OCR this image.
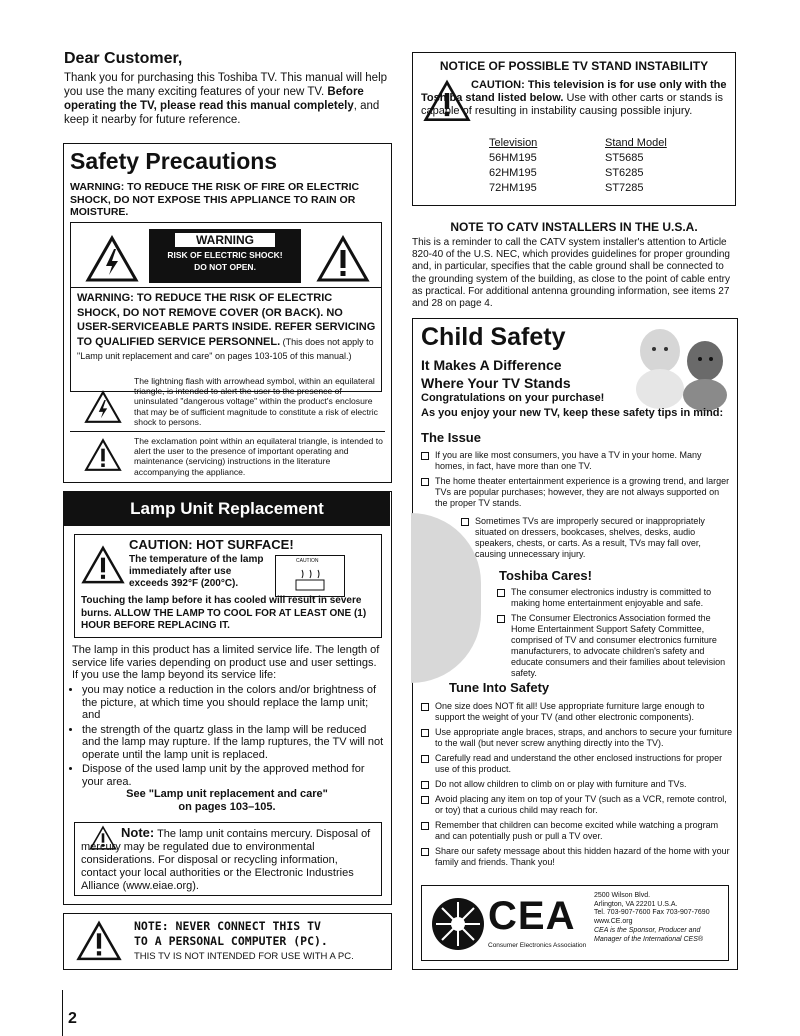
Dear Customer,
Thank you for purchasing this Toshiba TV. This manual will help you use the many exciting features of your new TV. Before operating the TV, please read this manual completely, and keep it nearby for future reference.
Safety Precautions
WARNING: TO REDUCE THE RISK OF FIRE OR ELECTRIC SHOCK, DO NOT EXPOSE THIS APPLIANCE TO RAIN OR MOISTURE.
WARNING
RISK OF ELECTRIC SHOCK!
DO NOT OPEN.
WARNING: TO REDUCE THE RISK OF ELECTRIC SHOCK, DO NOT REMOVE COVER (OR BACK). NO USER-SERVICEABLE PARTS INSIDE. REFER SERVICING TO QUALIFIED SERVICE PERSONNEL. (This does not apply to "Lamp unit replacement and care" on pages 103-105 of this manual.)
The lightning flash with arrowhead symbol, within an equilateral triangle, is intended to alert the user to the presence of uninsulated "dangerous voltage" within the product's enclosure that may be of sufficient magnitude to constitute a risk of electric shock to persons.
The exclamation point within an equilateral triangle, is intended to alert the user to the presence of important operating and maintenance (servicing) instructions in the literature accompanying the appliance.
Lamp Unit Replacement
CAUTION: HOT SURFACE!
The temperature of the lamp immediately after use exceeds 392°F (200°C).
CAUTION
Touching the lamp before it has cooled will result in severe burns. ALLOW THE LAMP TO COOL FOR AT LEAST ONE (1) HOUR BEFORE REPLACING IT.
The lamp in this product has a limited service life. The length of service life varies depending on product use and user settings. If you use the lamp beyond its service life:
• you may notice a reduction in the colors and/or brightness of the picture, at which time you should replace the lamp unit; and
• the strength of the quartz glass in the lamp will be reduced and the lamp may rupture. If the lamp ruptures, the TV will not operate until the lamp unit is replaced.
• Dispose of the used lamp unit by the approved method for your area.
See "Lamp unit replacement and care"
on pages 103–105.
Note: The lamp unit contains mercury. Disposal of mercury may be regulated due to environmental considerations. For disposal or recycling information, contact your local authorities or the Electronic Industries Alliance (www.eiae.org).
NOTE: NEVER CONNECT THIS TV
TO A PERSONAL COMPUTER (PC).
THIS TV IS NOT INTENDED FOR USE WITH A PC.
2
NOTICE OF POSSIBLE TV STAND INSTABILITY
CAUTION: This television is for use only with the Toshiba stand listed below. Use with other carts or stands is capable of resulting in instability causing possible injury.
Television	Stand Model
56HM195	ST5685
62HM195	ST6285
72HM195	ST7285
NOTE TO CATV INSTALLERS IN THE U.S.A.
This is a reminder to call the CATV system installer's attention to Article 820-40 of the U.S. NEC, which provides guidelines for proper grounding and, in particular, specifies that the cable ground shall be connected to the grounding system of the building, as close to the point of cable entry as practical. For additional antenna grounding information, see items 27 and 28 on page 4.
Child Safety
It Makes A Difference
Where Your TV Stands
Congratulations on your purchase!
As you enjoy your new TV, keep these safety tips in mind:
The Issue
If you are like most consumers, you have a TV in your home. Many homes, in fact, have more than one TV.
The home theater entertainment experience is a growing trend, and larger TVs are popular purchases; however, they are not always supported on the proper TV stands.
Sometimes TVs are improperly secured or inappropriately situated on dressers, bookcases, shelves, desks, audio speakers, chests, or carts. As a result, TVs may fall over, causing unnecessary injury.
Toshiba Cares!
The consumer electronics industry is committed to making home entertainment enjoyable and safe.
The Consumer Electronics Association formed the Home Entertainment Support Safety Committee, comprised of TV and consumer electronics furniture manufacturers, to advocate children's safety and educate consumers and their families about television safety.
Tune Into Safety
One size does NOT fit all! Use appropriate furniture large enough to support the weight of your TV (and other electronic components).
Use appropriate angle braces, straps, and anchors to secure your furniture to the wall (but never screw anything directly into the TV).
Carefully read and understand the other enclosed instructions for proper use of this product.
Do not allow children to climb on or play with furniture and TVs.
Avoid placing any item on top of your TV (such as a VCR, remote control, or toy) that a curious child may reach for.
Remember that children can become excited while watching a program and can potentially push or pull a TV over.
Share our safety message about this hidden hazard of the home with your family and friends. Thank you!
CEA
Consumer Electronics Association
2500 Wilson Blvd.
Arlington, VA 22201 U.S.A.
Tel. 703-907-7600 Fax 703-907-7690
www.CE.org
CEA is the Sponsor, Producer and Manager of the International CES®
